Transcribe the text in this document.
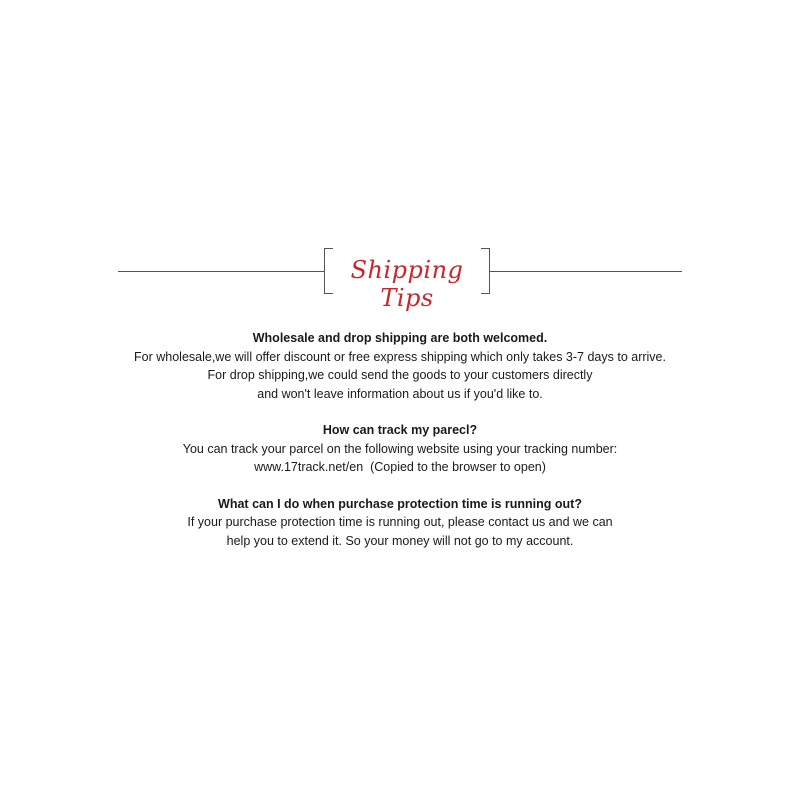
Shipping Tips

Wholesale and drop shipping are both welcomed.

For wholesale,we will offer discount or free express shipping which only takes 3-7 days to arrive.

For drop shipping,we could send the goods to your customers directly

and won't leave information about us if you'd like to.

How can track my parecl?

You can track your parcel on the following website using your tracking number:

www.17track.net/en  (Copied to the browser to open)

What can I do when purchase protection time is running out?

If your purchase protection time is running out, please contact us and we can

help you to extend it. So your money will not go to my account.
